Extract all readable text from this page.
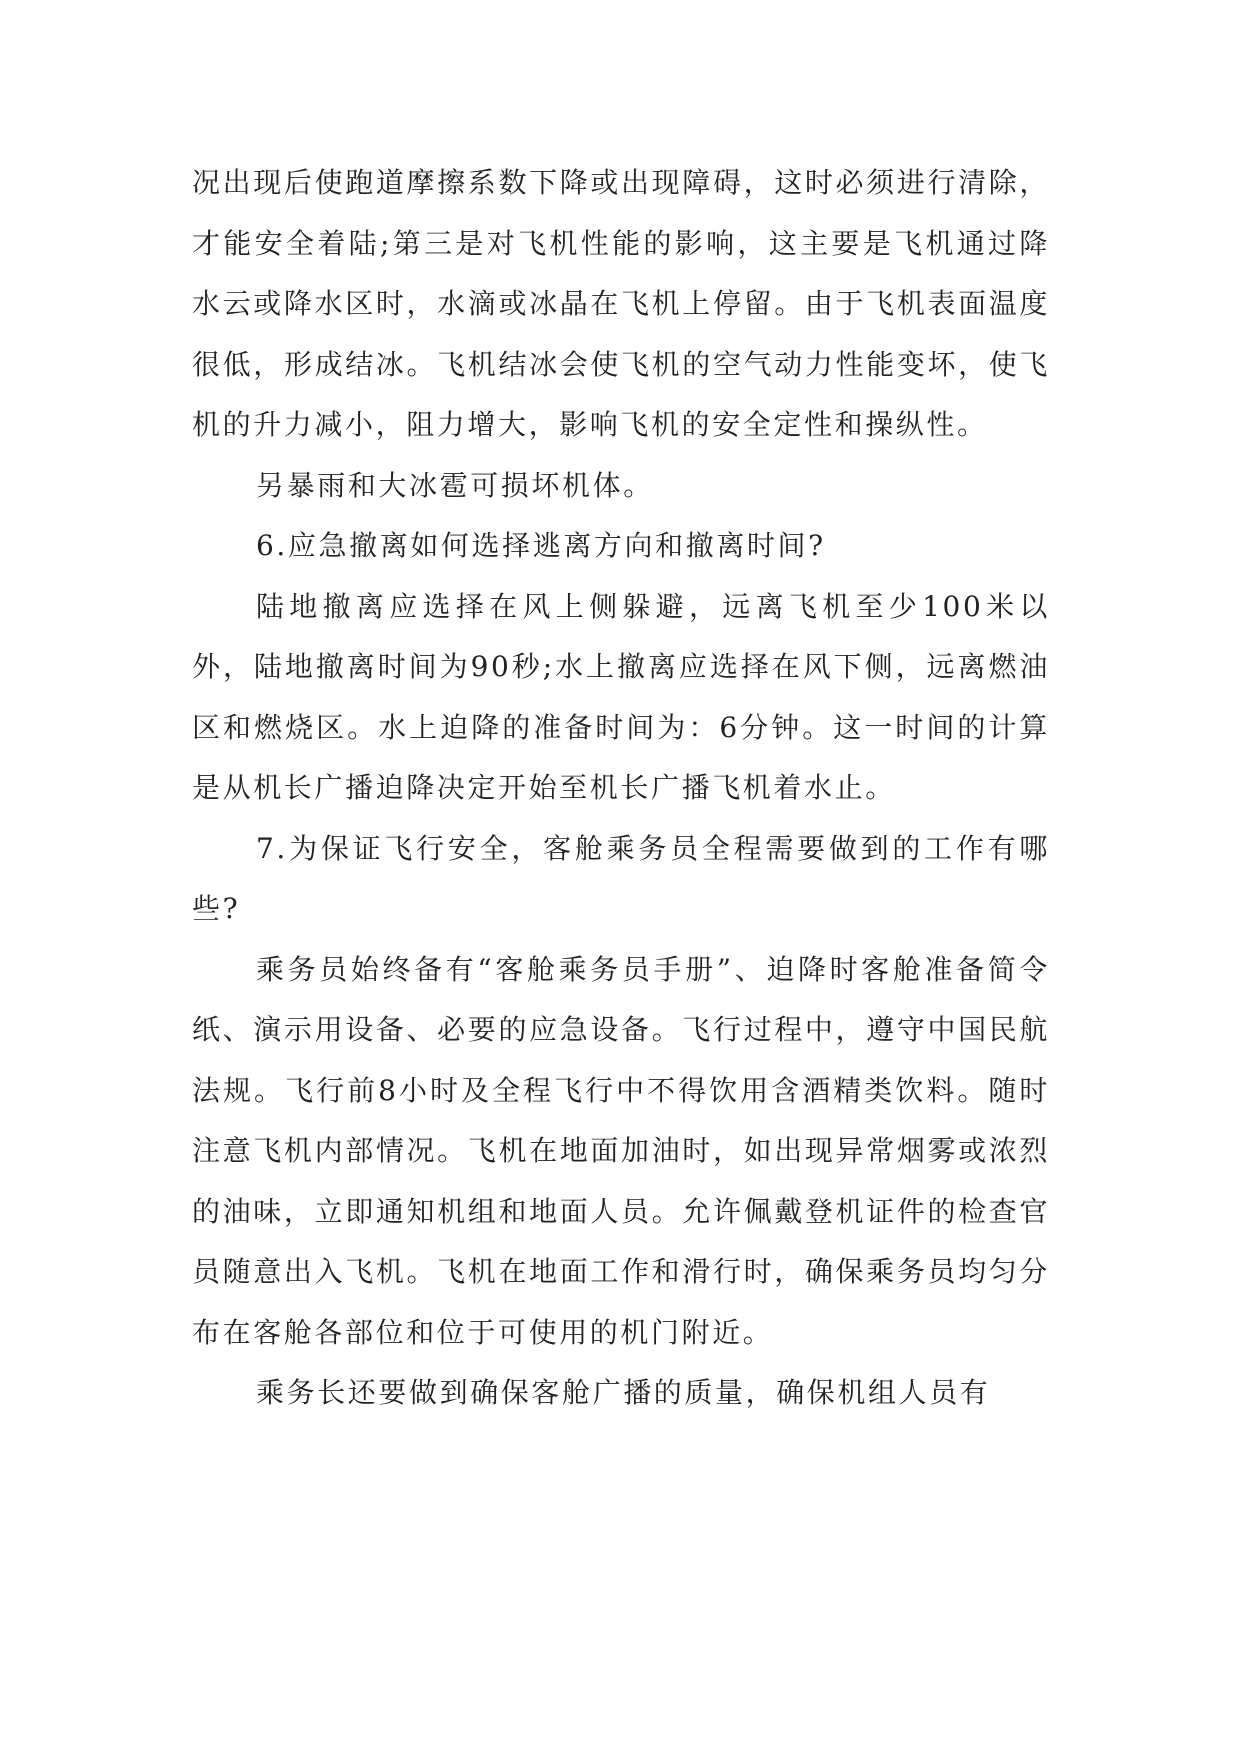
况出现后使跑道摩擦系数下降或出现障碍，这时必须进行清除，才能安全着陆;第三是对飞机性能的影响，这主要是飞机通过降水云或降水区时，水滴或冰晶在飞机上停留。由于飞机表面温度很低，形成结冰。飞机结冰会使飞机的空气动力性能变坏，使飞机的升力减小，阻力增大，影响飞机的安全定性和操纵性。

另暴雨和大冰雹可损坏机体。

6.应急撤离如何选择逃离方向和撤离时间?

陆地撤离应选择在风上侧躲避，远离飞机至少100米以外，陆地撤离时间为90秒;水上撤离应选择在风下侧，远离燃油区和燃烧区。水上迫降的准备时间为：6分钟。这一时间的计算是从机长广播迫降决定开始至机长广播飞机着水止。

7.为保证飞行安全，客舱乘务员全程需要做到的工作有哪些?

乘务员始终备有“客舱乘务员手册”、迫降时客舱准备简令纸、演示用设备、必要的应急设备。飞行过程中，遵守中国民航法规。飞行前8小时及全程飞行中不得饮用含酒精类饮料。随时注意飞机内部情况。飞机在地面加油时，如出现异常烟雾或浓烈的油味，立即通知机组和地面人员。允许佩戴登机证件的检查官员随意出入飞机。飞机在地面工作和滑行时，确保乘务员均匀分布在客舱各部位和位于可使用的机门附近。

乘务长还要做到确保客舱广播的质量，确保机组人员有
